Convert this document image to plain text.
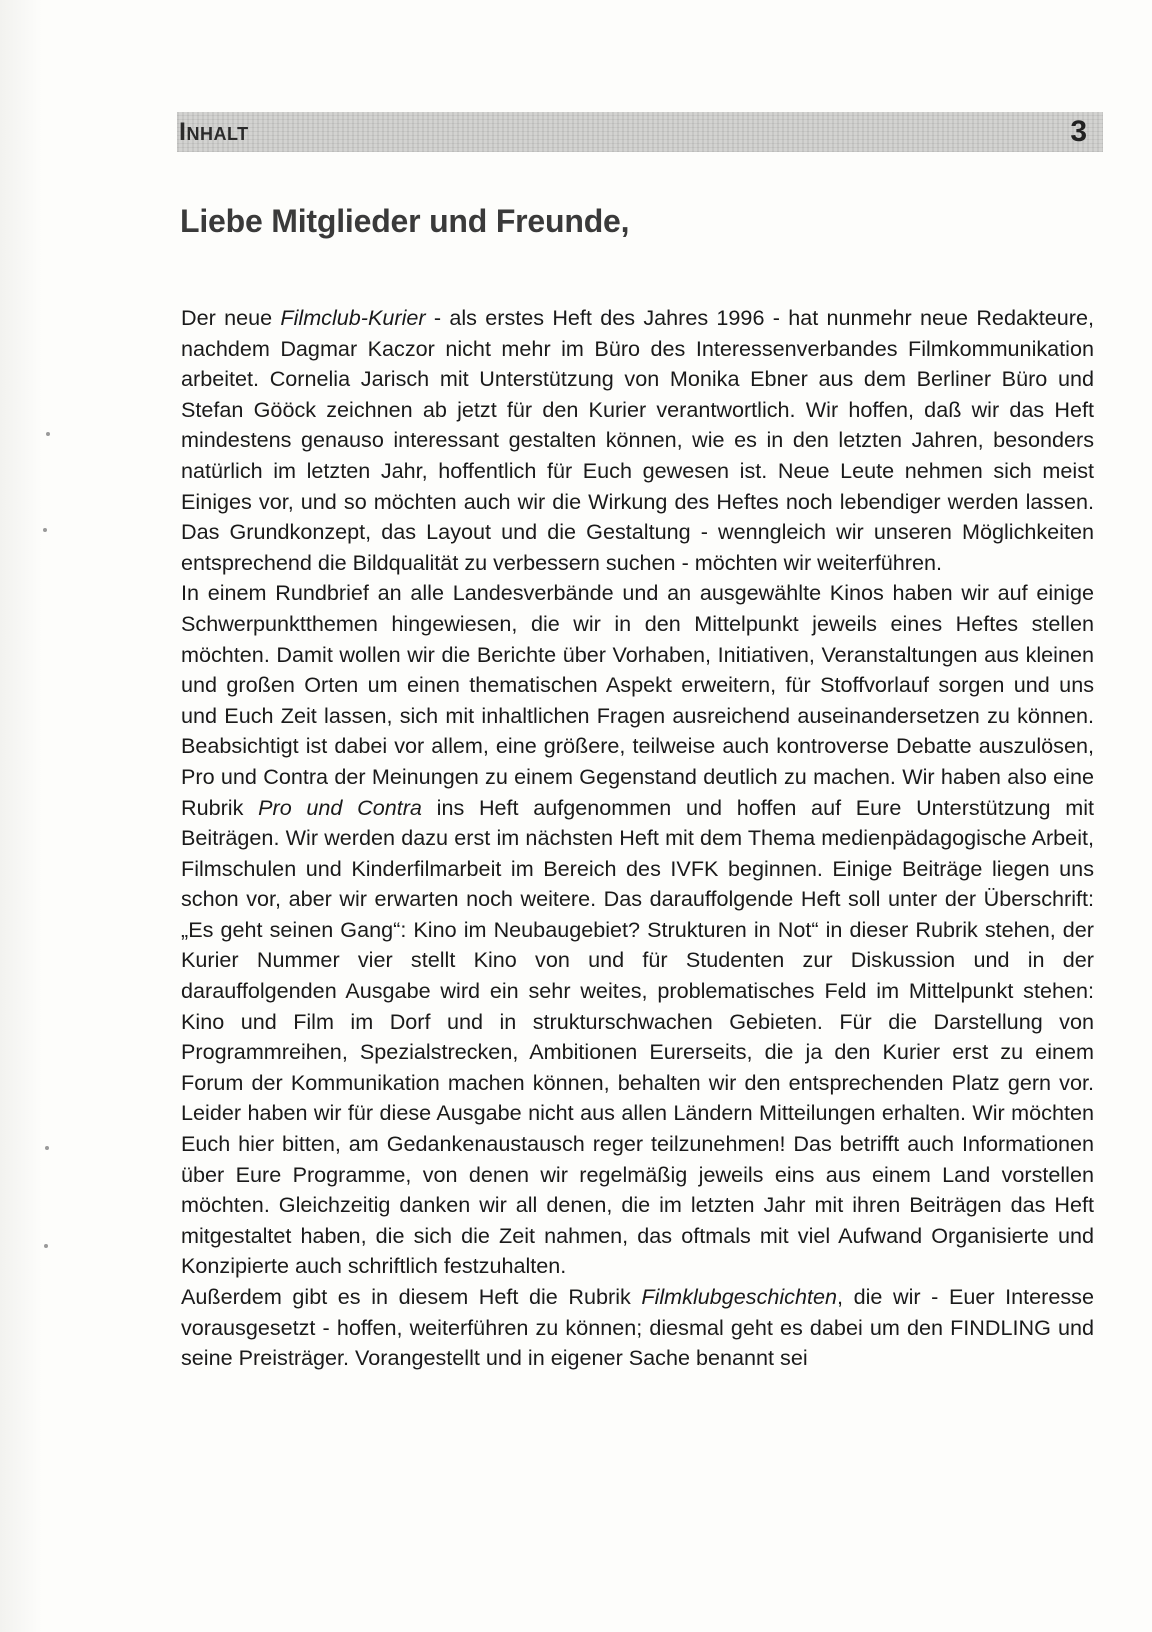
Inhalt	3
Liebe Mitglieder und Freunde,

Der neue Filmclub-Kurier - als erstes Heft des Jahres 1996 - hat nunmehr neue Redakteure, nachdem Dagmar Kaczor nicht mehr im Büro des Interessenverbandes Filmkommunikation arbeitet. Cornelia Jarisch mit Unterstützung von Monika Ebner aus dem Berliner Büro und Stefan Gööck zeichnen ab jetzt für den Kurier verantwortlich. Wir hoffen, daß wir das Heft mindestens genauso interessant gestalten können, wie es in den letzten Jahren, besonders natürlich im letzten Jahr, hoffentlich für Euch gewesen ist. Neue Leute nehmen sich meist Einiges vor, und so möchten auch wir die Wirkung des Heftes noch lebendiger werden lassen. Das Grundkonzept, das Layout und die Gestaltung - wenngleich wir unseren Möglichkeiten entsprechend die Bildqualität zu verbessern suchen - möchten wir weiterführen.

In einem Rundbrief an alle Landesverbände und an ausgewählte Kinos haben wir auf einige Schwerpunktthemen hingewiesen, die wir in den Mittelpunkt jeweils eines Heftes stellen möchten. Damit wollen wir die Berichte über Vorhaben, Initiativen, Veranstaltungen aus kleinen und großen Orten um einen thematischen Aspekt erweitern, für Stoffvorlauf sorgen und uns und Euch Zeit lassen, sich mit inhaltlichen Fragen ausreichend auseinandersetzen zu können. Beabsichtigt ist dabei vor allem, eine größere, teilweise auch kontroverse Debatte auszulösen, Pro und Contra der Meinungen zu einem Gegenstand deutlich zu machen. Wir haben also eine Rubrik Pro und Contra ins Heft aufgenommen und hoffen auf Eure Unterstützung mit Beiträgen. Wir werden dazu erst im nächsten Heft mit dem Thema medienpädagogische Arbeit, Filmschulen und Kinderfilmarbeit im Bereich des IVFK beginnen. Einige Beiträge liegen uns schon vor, aber wir erwarten noch weitere. Das darauffolgende Heft soll unter der Überschrift: „Es geht seinen Gang“: Kino im Neubaugebiet? Strukturen in Not“ in dieser Rubrik stehen, der Kurier Nummer vier stellt Kino von und für Studenten zur Diskussion und in der darauffolgenden Ausgabe wird ein sehr weites, problematisches Feld im Mittelpunkt stehen: Kino und Film im Dorf und in strukturschwachen Gebieten. Für die Darstellung von Programmreihen, Spezialstrecken, Ambitionen Eurerseits, die ja den Kurier erst zu einem Forum der Kommunikation machen können, behalten wir den entsprechenden Platz gern vor. Leider haben wir für diese Ausgabe nicht aus allen Ländern Mitteilungen erhalten. Wir möchten Euch hier bitten, am Gedankenaustausch reger teilzunehmen! Das betrifft auch Informationen über Eure Programme, von denen wir regelmäßig jeweils eins aus einem Land vorstellen möchten. Gleichzeitig danken wir all denen, die im letzten Jahr mit ihren Beiträgen das Heft mitgestaltet haben, die sich die Zeit nahmen, das oftmals mit viel Aufwand Organisierte und Konzipierte auch schriftlich festzuhalten.

Außerdem gibt es in diesem Heft die Rubrik Filmklubgeschichten, die wir - Euer Interesse vorausgesetzt - hoffen, weiterführen zu können; diesmal geht es dabei um den FINDLING und seine Preisträger. Vorangestellt und in eigener Sache benannt sei
